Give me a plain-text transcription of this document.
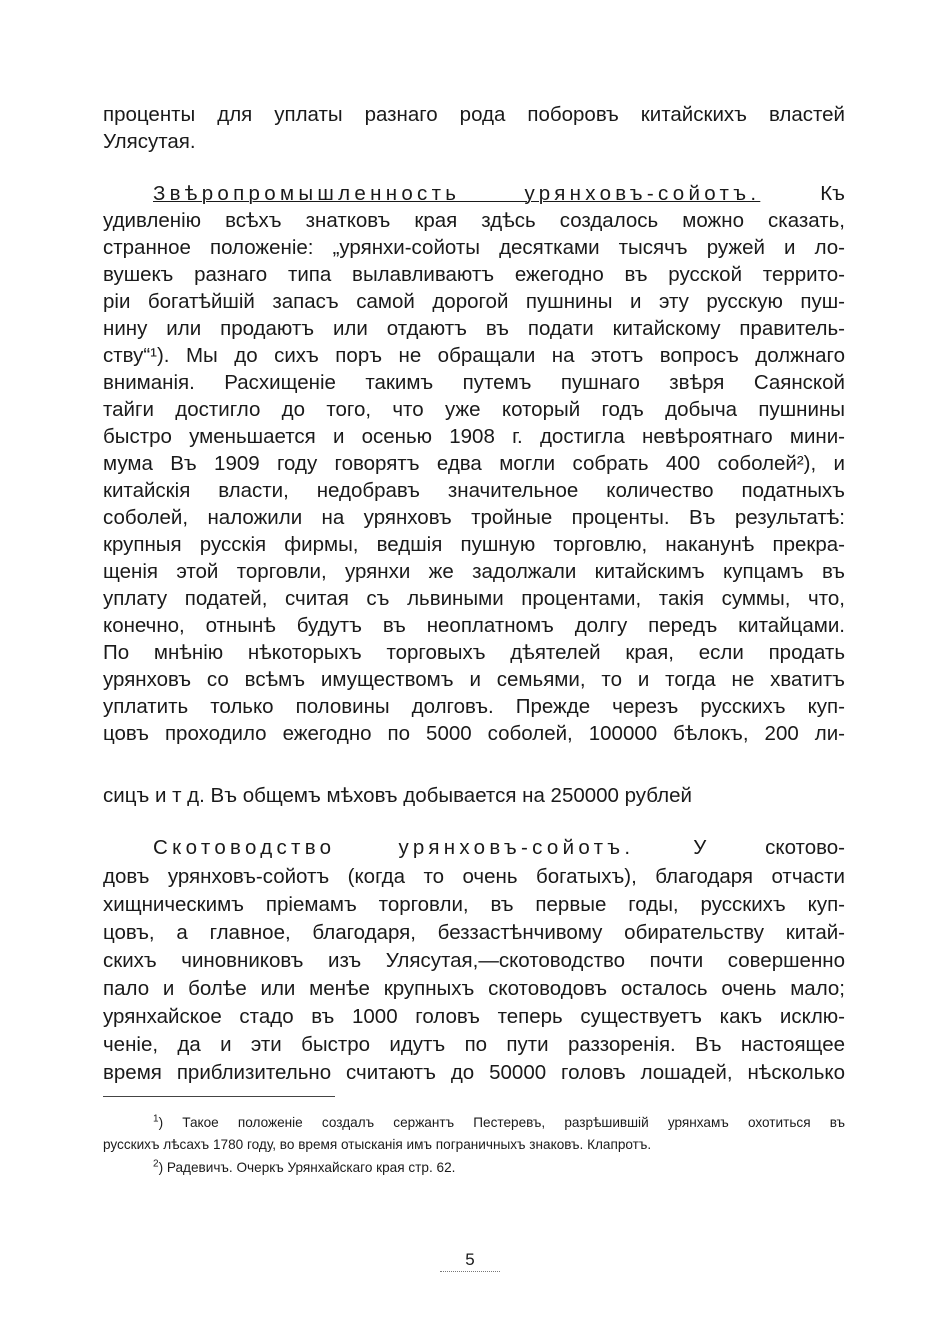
проценты для уплаты разнаго рода поборовъ китайскихъ властей
Улясутая.
Звѣропромышленность урянховъ-сойотъ.	Къ
удивленію всѣхъ знатковъ края здѣсь создалось можно сказать,
странное положеніе: „урянхи-сойоты десятками тысячъ ружей и ло-
вушекъ разнаго типа вылавливаютъ ежегодно въ русской террито-
ріи богатѣйшій запасъ самой дорогой пушнины и эту русскую пуш-
нину или продаютъ или отдаютъ въ подати китайскому правитель-
ству“¹). Мы до сихъ поръ не обращали на этотъ вопросъ должнаго
вниманія. Расхищеніе такимъ путемъ пушнаго звѣря Саянской
тайги достигло до того, что уже который годъ добыча пушнины
быстро уменьшается и осенью 1908 г. достигла невѣроятнаго мини-
мума Въ 1909 году говорятъ едва могли собрать 400 соболей²), и
китайскія власти, недобравъ значительное количество податныхъ
соболей, наложили на урянховъ тройные проценты. Въ результатѣ:
крупныя русскія фирмы, ведшія пушную торговлю, наканунѣ прекра-
щенія этой торговли, урянхи же задолжали китайскимъ купцамъ въ
уплату податей, считая съ львиными процентами, такія суммы, что,
конечно, отнынѣ будутъ въ неоплатномъ долгу передъ китайцами.
По мнѣнію нѣкоторыхъ торговыхъ дѣятелей края, если продать
урянховъ со всѣмъ имуществомъ и семьями, то и тогда не хватитъ
уплатить только половины долговъ. Прежде черезъ русскихъ куп-
цовъ проходило ежегодно по 5000 соболей, 100000 бѣлокъ, 200 ли-
сицъ и т д. Въ общемъ мѣховъ добывается на 250000 рублей
Скотоводство урянховъ-сойотъ.	У скотово-
довъ урянховъ-сойотъ (когда то очень богатыхъ), благодаря отчасти
хищническимъ пріемамъ торговли, въ первые годы, русскихъ куп-
цовъ, а главное, благодаря, беззастѣнчивому обирательству китай-
скихъ чиновниковъ изъ Улясутая,—скотоводство почти совершенно
пало и болѣе или менѣе крупныхъ скотоводовъ осталось очень мало;
урянхайское стадо въ 1000 головъ теперь существуетъ какъ исклю-
ченіе, да и эти быстро идутъ по пути раззоренія. Въ настоящее
время приблизительно считаютъ до 50000 головъ лошадей, нѣсколько
$^1$) Такое положеніе создалъ сержантъ Пестеревъ, разрѣшившій урянхамъ охотиться въ
русскихъ лѣсахъ 1780 году, во время отысканія имъ пограничныхъ знаковъ. Клапротъ.
$^2$) Радевичъ. Очеркъ Урянхайскаго края стр. 62.
5
